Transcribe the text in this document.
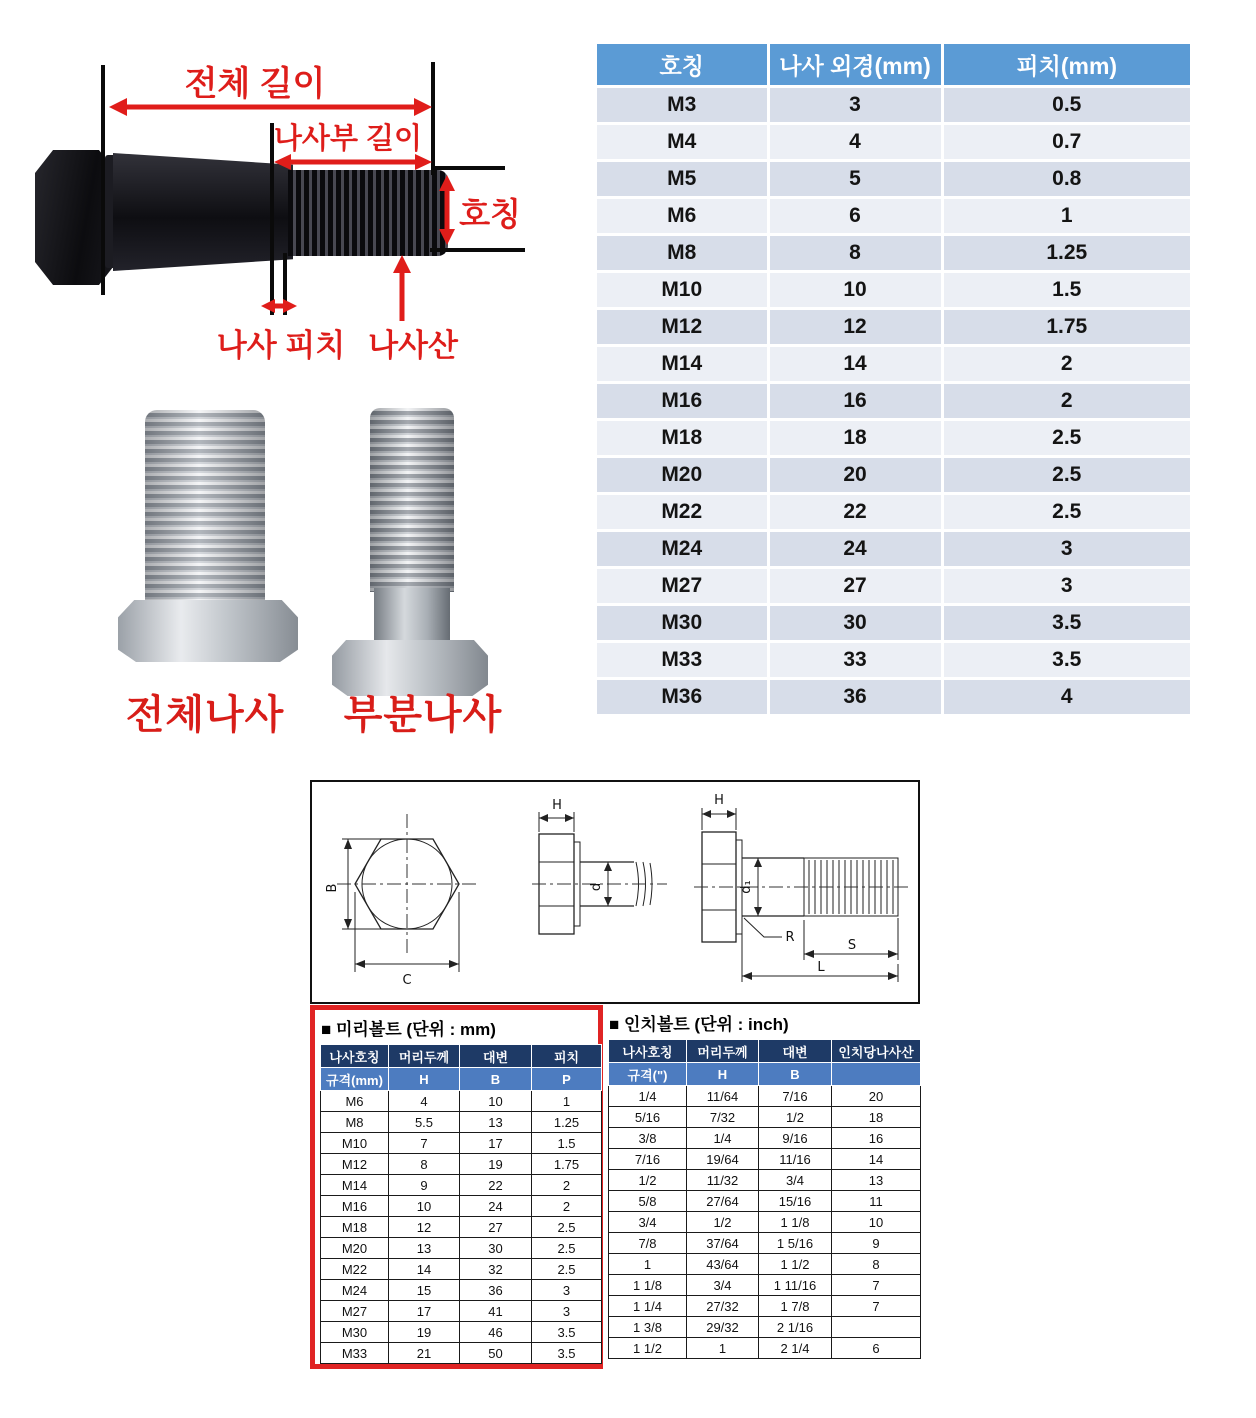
전체 길이
나사부 길이
호칭
나사 피치 나사산
전체나사	부분나사
호칭	나사 외경(mm)	피치(mm)
M3	3	0.5
M4	4	0.7
M5	5	0.8
M6	6	1
M8	8	1.25
M10	10	1.5
M12	12	1.75
M14	14	2
M16	16	2
M18	18	2.5
M20	20	2.5
M22	22	2.5
M24	24	3
M27	27	3
M30	30	3.5
M33	33	3.5
M36	36	4
B
C
H
d
H
d₁
R
S
L
■ 미리볼트 (단위 : mm)
나사호칭	머리두께	대변	피치
규격(mm)	H	B	P
M6	4	10	1
M8	5.5	13	1.25
M10	7	17	1.5
M12	8	19	1.75
M14	9	22	2
M16	10	24	2
M18	12	27	2.5
M20	13	30	2.5
M22	14	32	2.5
M24	15	36	3
M27	17	41	3
M30	19	46	3.5
M33	21	50	3.5
■ 인치볼트 (단위 : inch)
나사호칭	머리두께	대변	인치당나사산
규격(")	H	B	
1/4	11/64	7/16	20
5/16	7/32	1/2	18
3/8	1/4	9/16	16
7/16	19/64	11/16	14
1/2	11/32	3/4	13
5/8	27/64	15/16	11
3/4	1/2	1 1/8	10
7/8	37/64	1 5/16	9
1	43/64	1 1/2	8
1 1/8	3/4	1 11/16	7
1 1/4	27/32	1 7/8	7
1 3/8	29/32	2 1/16	
1 1/2	1	2 1/4	6
